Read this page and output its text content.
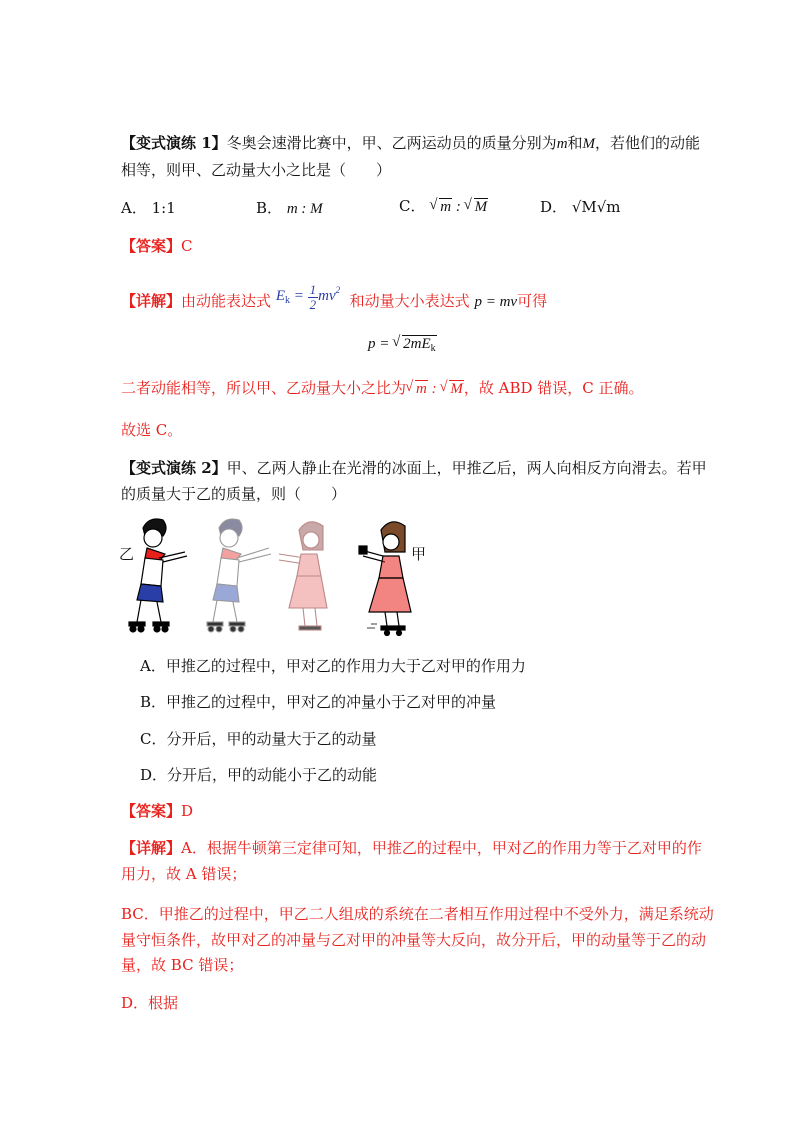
【变式演练 1】冬奥会速滑比赛中，甲、乙两运动员的质量分别为m和M，若他们的动能
相等，则甲、乙动量大小之比是（　　）
A． 1:1	B． m : M	C． √ m : √ M	D． √M√m
【答案】C
【详解】由动能表达式 $E_k = \frac{1}{2} mv^2$  和动量大小表达式 p = mv可得
p = √ $2mE_k$
二者动能相等，所以甲、乙动量大小之比为 √ m : √ M，故 ABD 错误，C 正确。
故选 C。
【变式演练 2】甲、乙两人静止在光滑的冰面上，甲推乙后，两人向相反方向滑去。若甲
的质量大于乙的质量，则（　　）
乙	甲
A．甲推乙的过程中，甲对乙的作用力大于乙对甲的作用力
B．甲推乙的过程中，甲对乙的冲量小于乙对甲的冲量
C．分开后，甲的动量大于乙的动量
D．分开后，甲的动能小于乙的动能
【答案】D
【详解】A．根据牛顿第三定律可知，甲推乙的过程中，甲对乙的作用力等于乙对甲的作
用力，故 A 错误；
BC．甲推乙的过程中，甲乙二人组成的系统在二者相互作用过程中不受外力，满足系统动
量守恒条件，故甲对乙的冲量与乙对甲的冲量等大反向，故分开后，甲的动量等于乙的动
量，故 BC 错误；
D．根据
